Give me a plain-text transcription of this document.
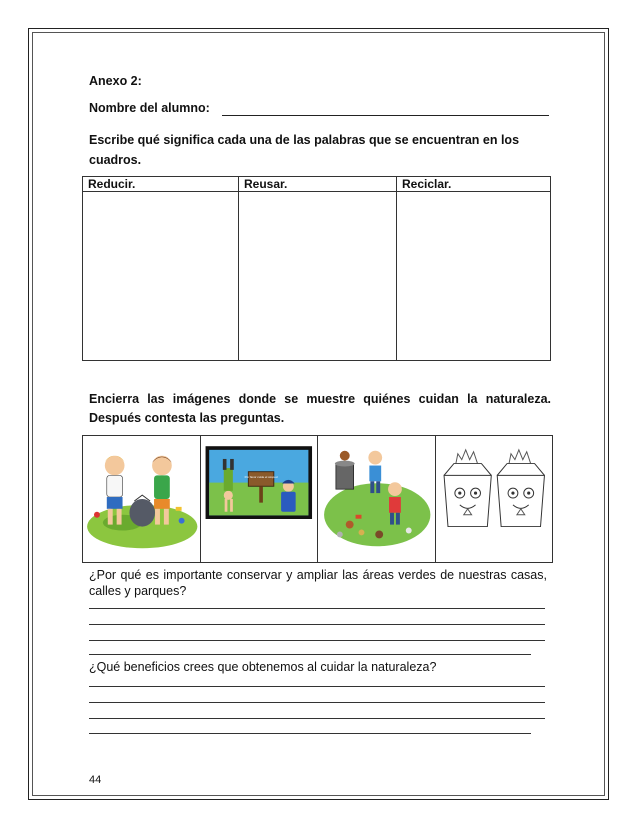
Anexo 2:
Nombre del alumno:
Escribe qué significa cada una de las palabras que se encuentran en los cuadros.
Reducir.	Reusar.	Reciclar.

Encierra las imágenes donde se muestre quiénes cuidan la naturaleza. Después contesta las preguntas.
Por favor cuide el césped
¿Por qué es importante conservar y ampliar las áreas verdes de nuestras casas, calles y parques?
¿Qué beneficios crees que obtenemos al cuidar la naturaleza?
44
